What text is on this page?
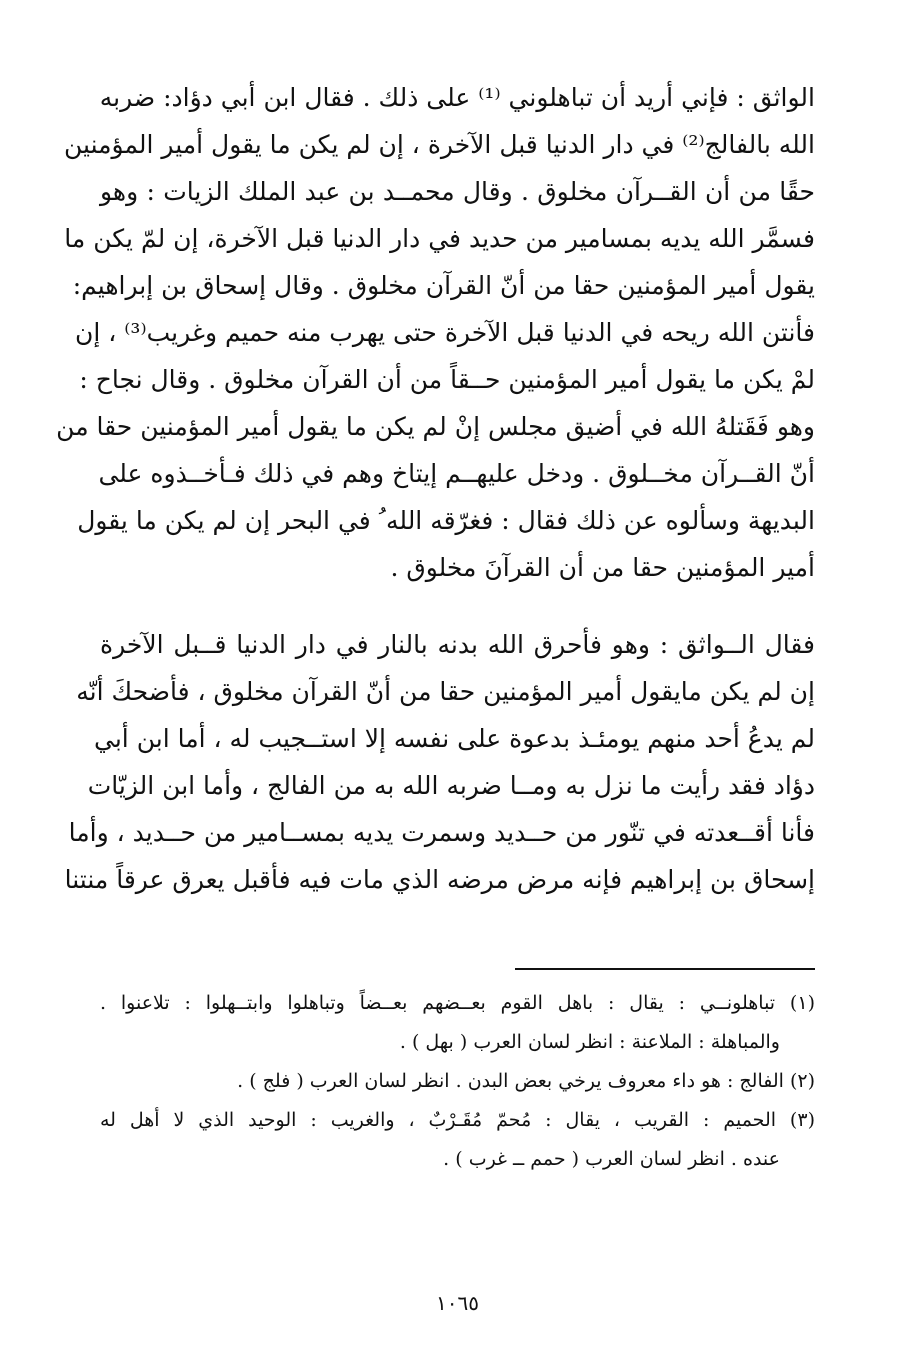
الواثق : فإني أريد أن تباهلوني ⁽¹⁾ على ذلك . فقال ابن أبي دؤاد: ضربه
الله بالفالج⁽²⁾ في دار الدنيا قبل الآخرة ، إن لم يكن ما يقول أمير المؤمنين
حقًا من أن القــرآن مخلوق . وقال محمــد بن عبد الملك الزيات : وهو
فسمَّر الله يديه بمسامير من حديد في دار الدنيا قبل الآخرة، إن لمّ يكن ما
يقول أمير المؤمنين حقا من أنّ القرآن مخلوق . وقال إسحاق بن إبراهيم:
فأنتن الله ريحه في الدنيا قبل الآخرة حتى يهرب منه حميم وغريب⁽³⁾ ، إن
لمْ يكن ما يقول أمير المؤمنين حــقاً من أن القرآن مخلوق . وقال نجاح :
وهو فَقَتلهُ الله في أضيق مجلس إنْ لم يكن ما يقول أمير المؤمنين حقا من
أنّ القــرآن مخــلوق . ودخل عليهــم إيتاخ وهم في ذلك فـأخــذوه على
البديهة وسألوه عن ذلك فقال : فغرّقه الله ُ في البحر إن لم يكن ما يقول
أمير المؤمنين حقا من أن القرآنَ مخلوق .
فقال الــواثق : وهو فأحرق الله بدنه بالنار في دار الدنيا قــبل الآخرة
إن لم يكن مايقول أمير المؤمنين حقا من أنّ القرآن مخلوق ، فأضحكَ أنّه
لم يدعُ أحد منهم يومئـذ بدعوة على نفسه إلا استــجيب له ، أما ابن أبي
دؤاد فقد رأيت ما نزل به ومــا ضربه الله به من الفالج ، وأما ابن الزيّات
فأنا أقــعدته في تنّور من حــديد وسمرت يديه بمســامير من حــديد ، وأما
إسحاق بن إبراهيم فإنه مرض مرضه الذي مات فيه فأقبل يعرق عرقاً منتنا
(١) تباهلونــي : يقال : باهل القوم بعــضهم بعــضاً وتباهلوا وابتــهلوا : تلاعنوا .
والمباهلة : الملاعنة : انظر لسان العرب ( بهل ) .
(٢) الفالج : هو داء معروف يرخي بعض البدن . انظر لسان العرب ( فلج ) .
(٣) الحميم : القريب ، يقال : مُحمّ مُقَـرْبٌ ، والغريب : الوحيد الذي لا أهل له
عنده . انظر لسان العرب ( حمم ــ غرب ) .
١٠٦٥
